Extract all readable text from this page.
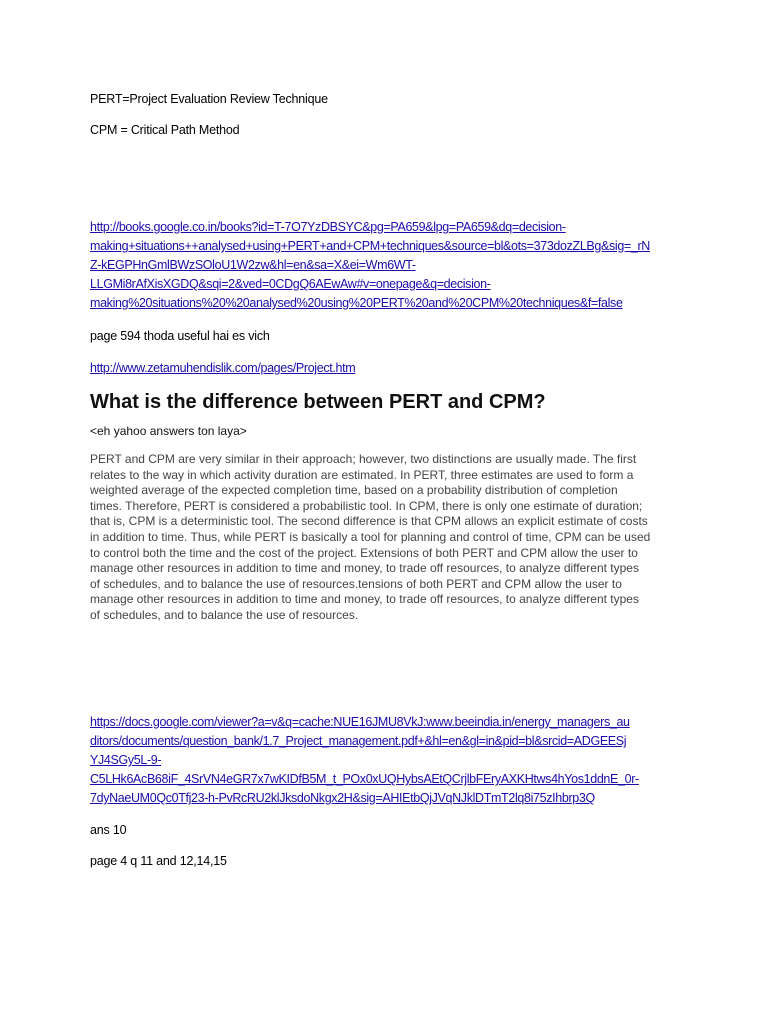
PERT=Project Evaluation Review Technique
CPM = Critical Path Method
http://books.google.co.in/books?id=T-7O7YzDBSYC&pg=PA659&lpg=PA659&dq=decision-
making+situations++analysed+using+PERT+and+CPM+techniques&source=bl&ots=373dozZLBg&sig=_rN
Z-kEGPHnGmlBWzSOloU1W2zw&hl=en&sa=X&ei=Wm6WT-
LLGMi8rAfXisXGDQ&sqi=2&ved=0CDgQ6AEwAw#v=onepage&q=decision-
making%20situations%20%20analysed%20using%20PERT%20and%20CPM%20techniques&f=false
page 594 thoda useful hai es vich
http://www.zetamuhendislik.com/pages/Project.htm
What is the difference between PERT and CPM?
<eh yahoo answers ton laya>
PERT and CPM are very similar in their approach; however, two distinctions are usually made. The first
relates to the way in which activity duration are estimated. In PERT, three estimates are used to form a
weighted average of the expected completion time, based on a probability distribution of completion
times. Therefore, PERT is considered a probabilistic tool. In CPM, there is only one estimate of duration;
that is, CPM is a deterministic tool. The second difference is that CPM allows an explicit estimate of costs
in addition to time. Thus, while PERT is basically a tool for planning and control of time, CPM can be used
to control both the time and the cost of the project. Extensions of both PERT and CPM allow the user to
manage other resources in addition to time and money, to trade off resources, to analyze different types
of schedules, and to balance the use of resources.tensions of both PERT and CPM allow the user to
manage other resources in addition to time and money, to trade off resources, to analyze different types
of schedules, and to balance the use of resources.
https://docs.google.com/viewer?a=v&q=cache:NUE16JMU8VkJ:www.beeindia.in/energy_managers_au
ditors/documents/question_bank/1.7_Project_management.pdf+&hl=en&gl=in&pid=bl&srcid=ADGEESj
YJ4SGy5L-9-
C5LHk6AcB68iF_4SrVN4eGR7x7wKIDfB5M_t_POx0xUQHybsAEtQCrjlbFEryAXKHtws4hYos1ddnE_0r-
7dyNaeUM0Qc0Tfj23-h-PvRcRU2klJksdoNkgx2H&sig=AHIEtbQjJVqNJklDTmT2lq8i75zIhbrp3Q
ans 10
page 4 q 11 and 12,14,15
